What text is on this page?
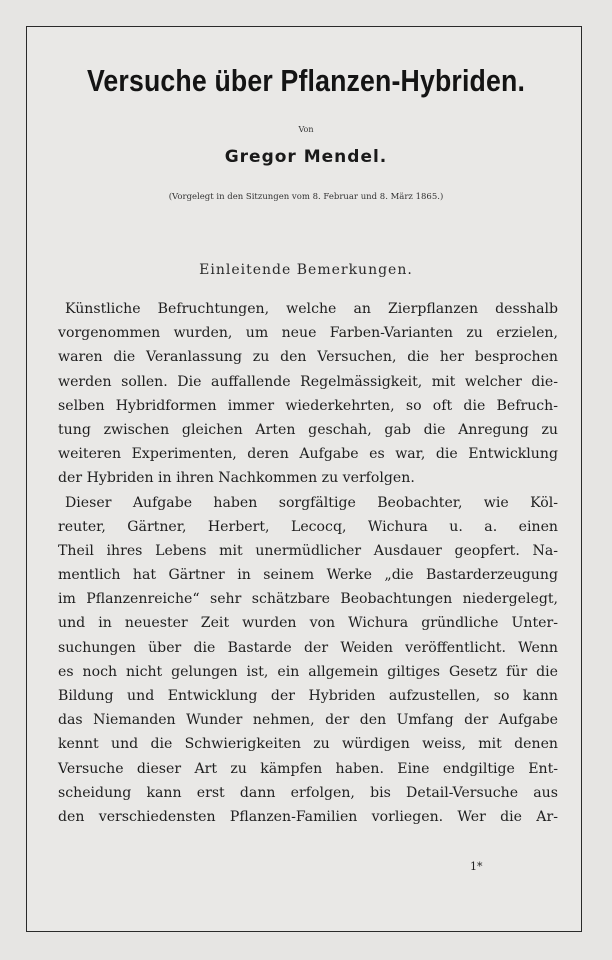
Versuche über Pflanzen-Hybriden.
Von
Gregor Mendel.
(Vorgelegt in den Sitzungen vom 8. Februar und 8. März 1865.)
Einleitende Bemerkungen.
Künstliche Befruchtungen, welche an Zierpflanzen desshalb
vorgenommen wurden, um neue Farben-Varianten zu erzielen,
waren die Veranlassung zu den Versuchen, die her besprochen
werden sollen. Die auffallende Regelmässigkeit, mit welcher die-
selben Hybridformen immer wiederkehrten, so oft die Befruch-
tung zwischen gleichen Arten geschah, gab die Anregung zu
weiteren Experimenten, deren Aufgabe es war, die Entwicklung
der Hybriden in ihren Nachkommen zu verfolgen.
Dieser Aufgabe haben sorgfältige Beobachter, wie Köl-
reuter, Gärtner, Herbert, Lecocq, Wichura u. a. einen
Theil ihres Lebens mit unermüdlicher Ausdauer geopfert. Na-
mentlich hat Gärtner in seinem Werke „die Bastarderzeugung
im Pflanzenreiche“ sehr schätzbare Beobachtungen niedergelegt,
und in neuester Zeit wurden von Wichura gründliche Unter-
suchungen über die Bastarde der Weiden veröffentlicht. Wenn
es noch nicht gelungen ist, ein allgemein giltiges Gesetz für die
Bildung und Entwicklung der Hybriden aufzustellen, so kann
das Niemanden Wunder nehmen, der den Umfang der Aufgabe
kennt und die Schwierigkeiten zu würdigen weiss, mit denen
Versuche dieser Art zu kämpfen haben. Eine endgiltige Ent-
scheidung kann erst dann erfolgen, bis Detail-Versuche aus
den verschiedensten Pflanzen-Familien vorliegen. Wer die Ar-
1*
